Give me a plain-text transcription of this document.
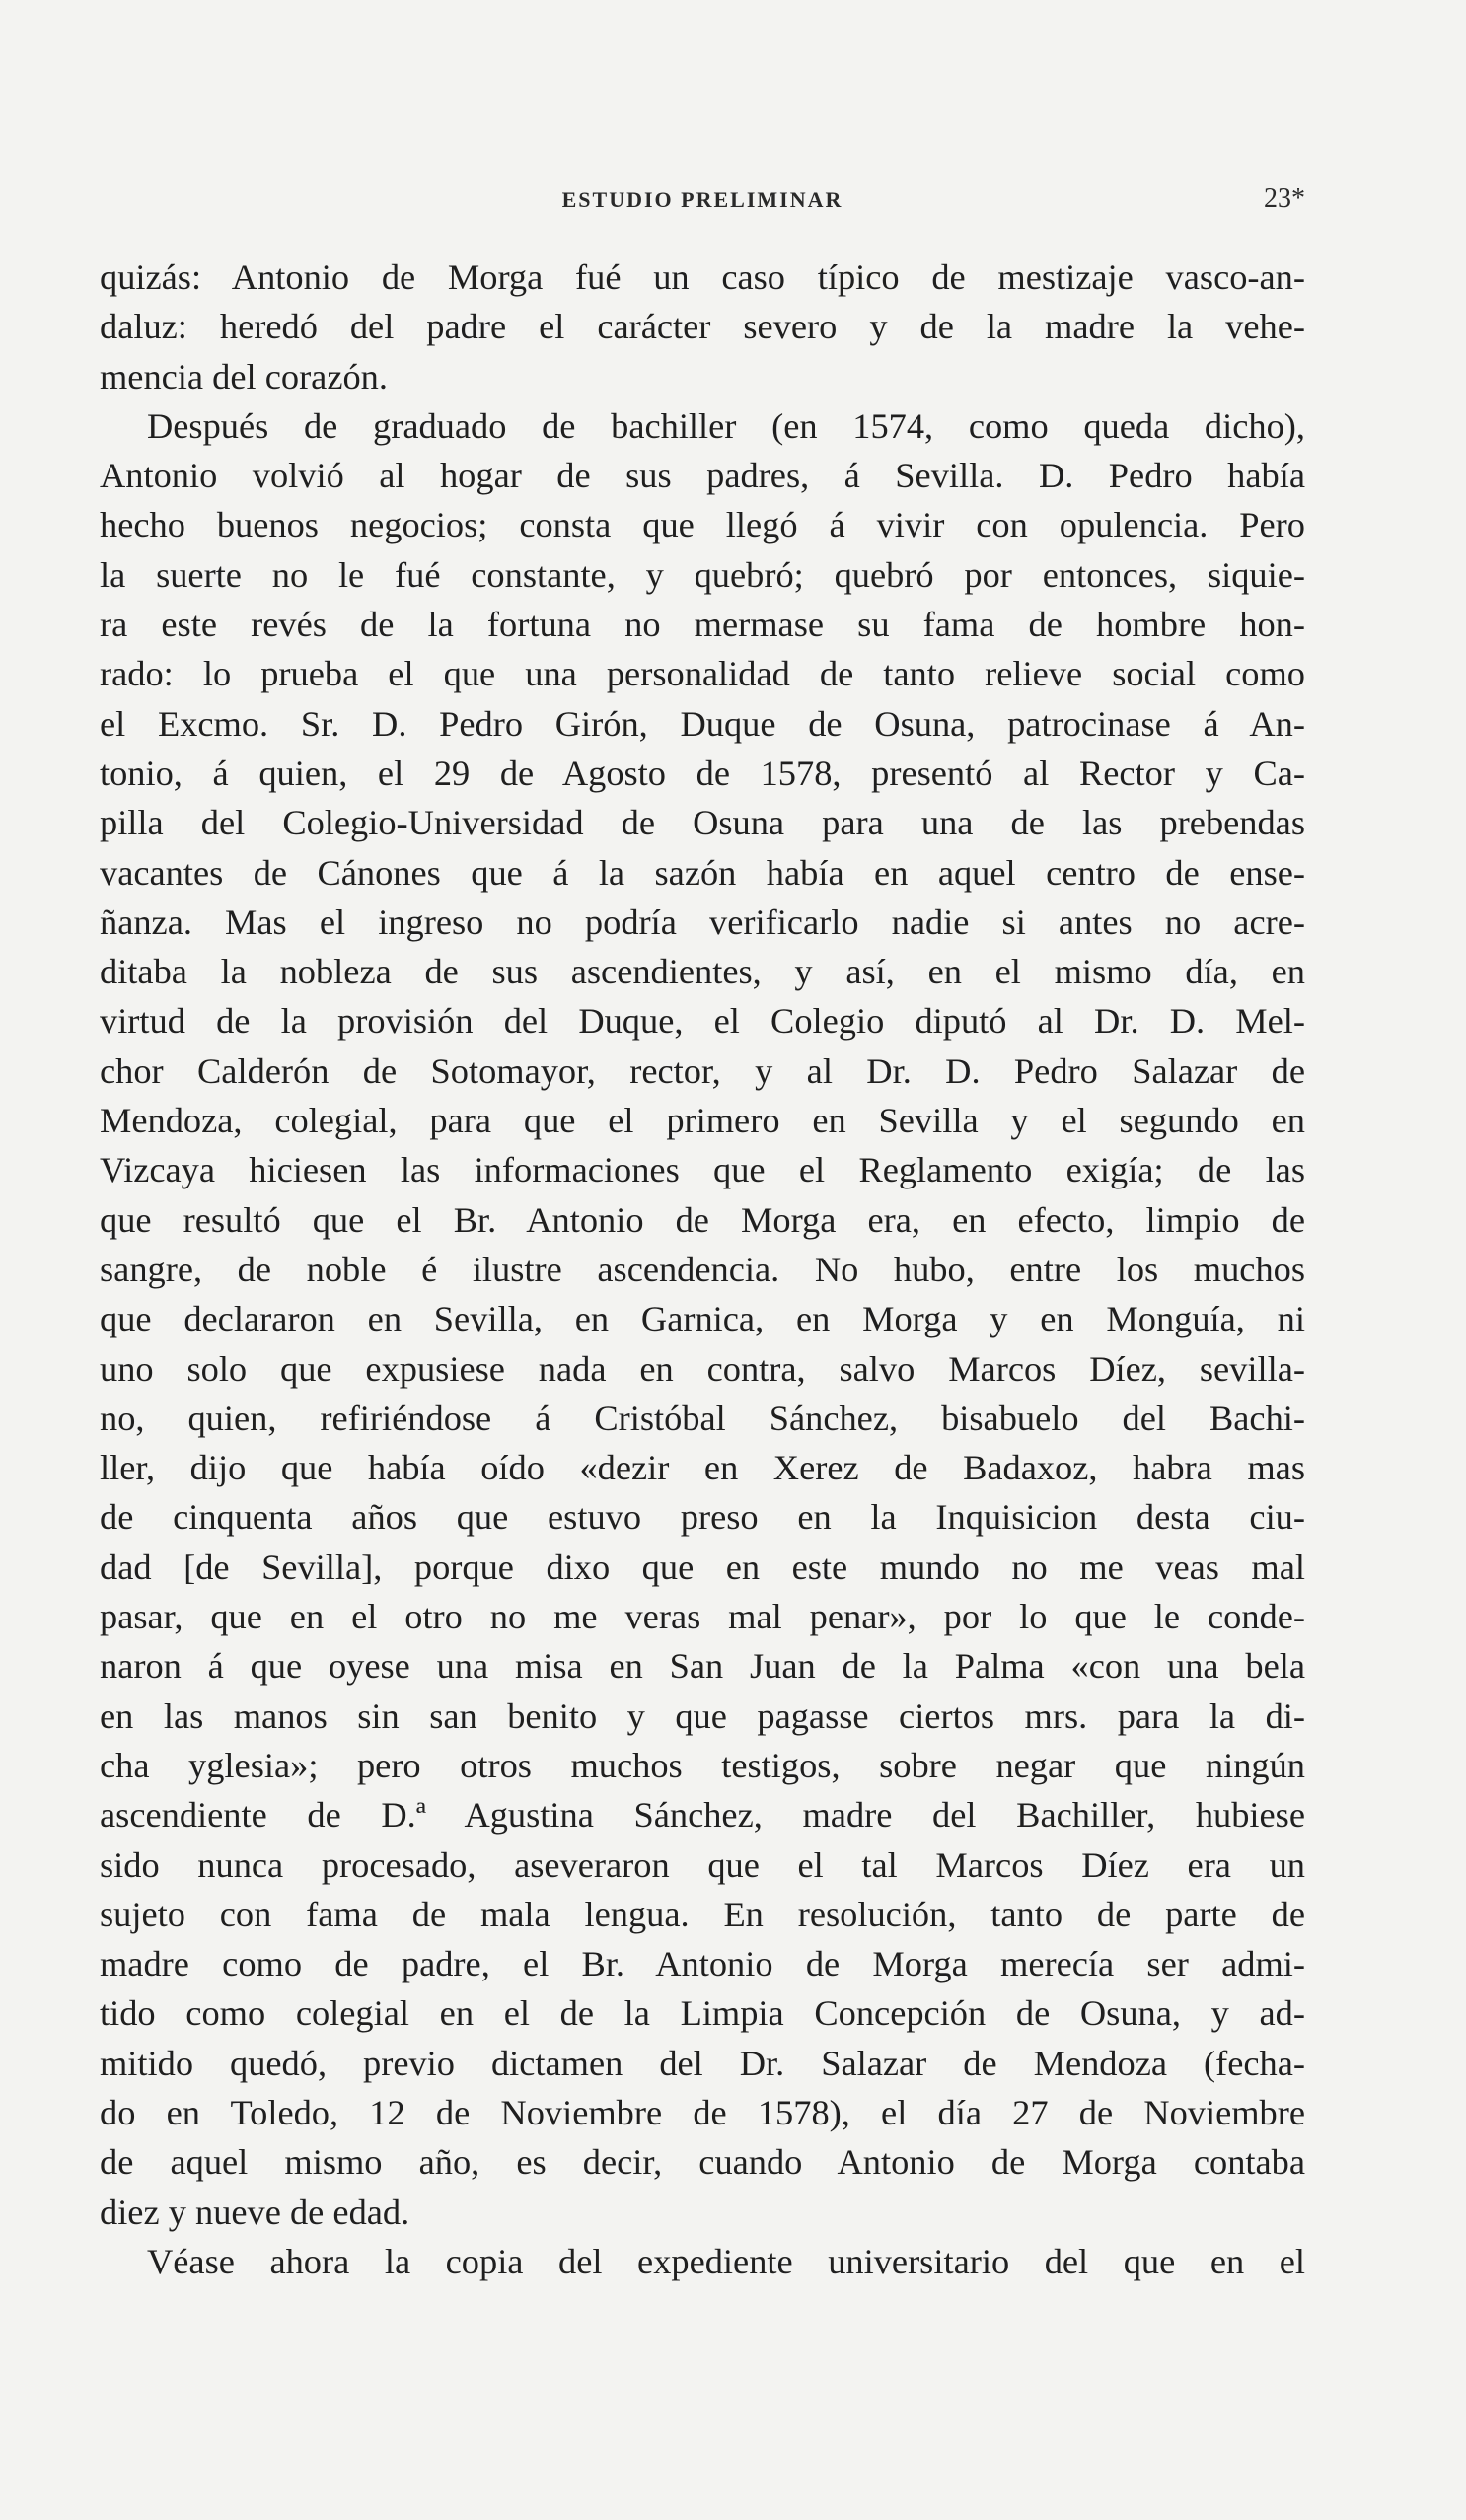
ESTUDIO PRELIMINAR	23*
quizás: Antonio de Morga fué un caso típico de mestizaje vasco-an-
daluz: heredó del padre el carácter severo y de la madre la vehe-
mencia del corazón.
Después de graduado de bachiller (en 1574, como queda dicho),
Antonio volvió al hogar de sus padres, á Sevilla. D. Pedro había
hecho buenos negocios; consta que llegó á vivir con opulencia. Pero
la suerte no le fué constante, y quebró; quebró por entonces, siquie-
ra este revés de la fortuna no mermase su fama de hombre hon-
rado: lo prueba el que una personalidad de tanto relieve social como
el Excmo. Sr. D. Pedro Girón, Duque de Osuna, patrocinase á An-
tonio, á quien, el 29 de Agosto de 1578, presentó al Rector y Ca-
pilla del Colegio-Universidad de Osuna para una de las prebendas
vacantes de Cánones que á la sazón había en aquel centro de ense-
ñanza. Mas el ingreso no podría verificarlo nadie si antes no acre-
ditaba la nobleza de sus ascendientes, y así, en el mismo día, en
virtud de la provisión del Duque, el Colegio diputó al Dr. D. Mel-
chor Calderón de Sotomayor, rector, y al Dr. D. Pedro Salazar de
Mendoza, colegial, para que el primero en Sevilla y el segundo en
Vizcaya hiciesen las informaciones que el Reglamento exigía; de las
que resultó que el Br. Antonio de Morga era, en efecto, limpio de
sangre, de noble é ilustre ascendencia. No hubo, entre los muchos
que declararon en Sevilla, en Garnica, en Morga y en Monguía, ni
uno solo que expusiese nada en contra, salvo Marcos Díez, sevilla-
no, quien, refiriéndose á Cristóbal Sánchez, bisabuelo del Bachi-
ller, dijo que había oído «dezir en Xerez de Badaxoz, habra mas
de cinquenta años que estuvo preso en la Inquisicion desta ciu-
dad [de Sevilla], porque dixo que en este mundo no me veas mal
pasar, que en el otro no me veras mal penar», por lo que le conde-
naron á que oyese una misa en San Juan de la Palma «con una bela
en las manos sin san benito y que pagasse ciertos mrs. para la di-
cha yglesia»; pero otros muchos testigos, sobre negar que ningún
ascendiente de D.ª Agustina Sánchez, madre del Bachiller, hubiese
sido nunca procesado, aseveraron que el tal Marcos Díez era un
sujeto con fama de mala lengua. En resolución, tanto de parte de
madre como de padre, el Br. Antonio de Morga merecía ser admi-
tido como colegial en el de la Limpia Concepción de Osuna, y ad-
mitido quedó, previo dictamen del Dr. Salazar de Mendoza (fecha-
do en Toledo, 12 de Noviembre de 1578), el día 27 de Noviembre
de aquel mismo año, es decir, cuando Antonio de Morga contaba
diez y nueve de edad.
Véase ahora la copia del expediente universitario del que en el
